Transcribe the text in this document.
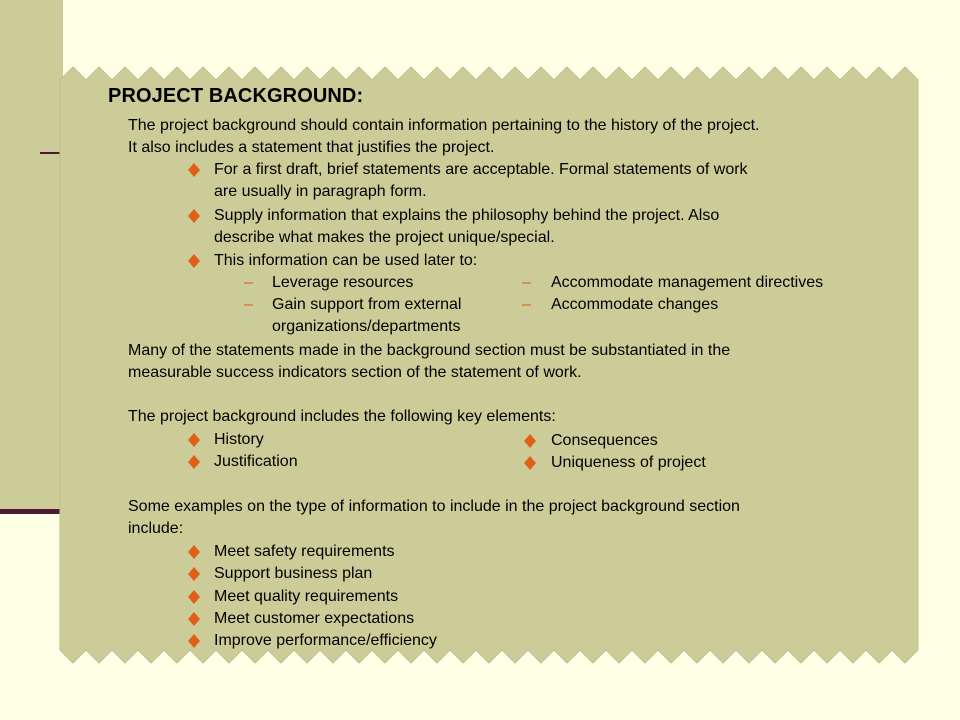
PROJECT BACKGROUND:
The project background should contain information pertaining to the history of the project.
It also includes a statement that justifies the project.
For a first draft, brief statements are acceptable. Formal statements of work
are usually in paragraph form.
Supply information that explains the philosophy behind the project. Also
describe what makes the project unique/special.
This information can be used later to:
– Leverage resources
– Gain support from external
organizations/departments
– Accommodate management directives
– Accommodate changes
Many of the statements made in the background section must be substantiated in the
measurable success indicators section of the statement of work.
The project background includes the following key elements:
History
Justification
Consequences
Uniqueness of project
Some examples on the type of information to include in the project background section
include:
Meet safety requirements
Support business plan
Meet quality requirements
Meet customer expectations
Improve performance/efficiency
